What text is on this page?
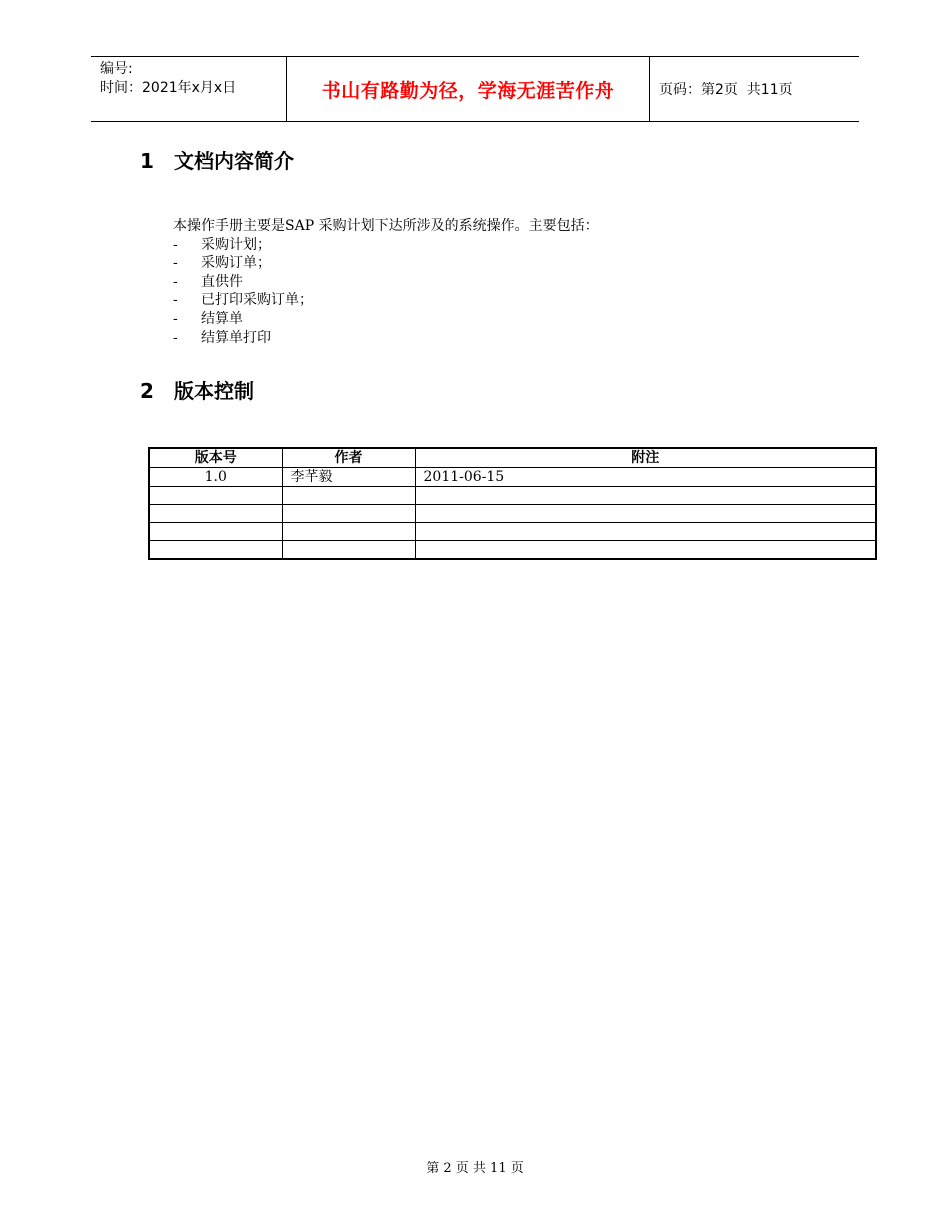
编号:
时间：2021年x月x日	书山有路勤为径，学海无涯苦作舟	页码：第2页  共11页
1 文档内容简介
本操作手册主要是SAP 采购计划下达所涉及的系统操作。主要包括：
-	采购计划；
-	采购订单；
-	直供件
-	已打印采购订单；
-	结算单
-	结算单打印
2 版本控制
版本号	作者	附注
1.0	李芊毅	2011-06-15

第 2 页 共 11 页
